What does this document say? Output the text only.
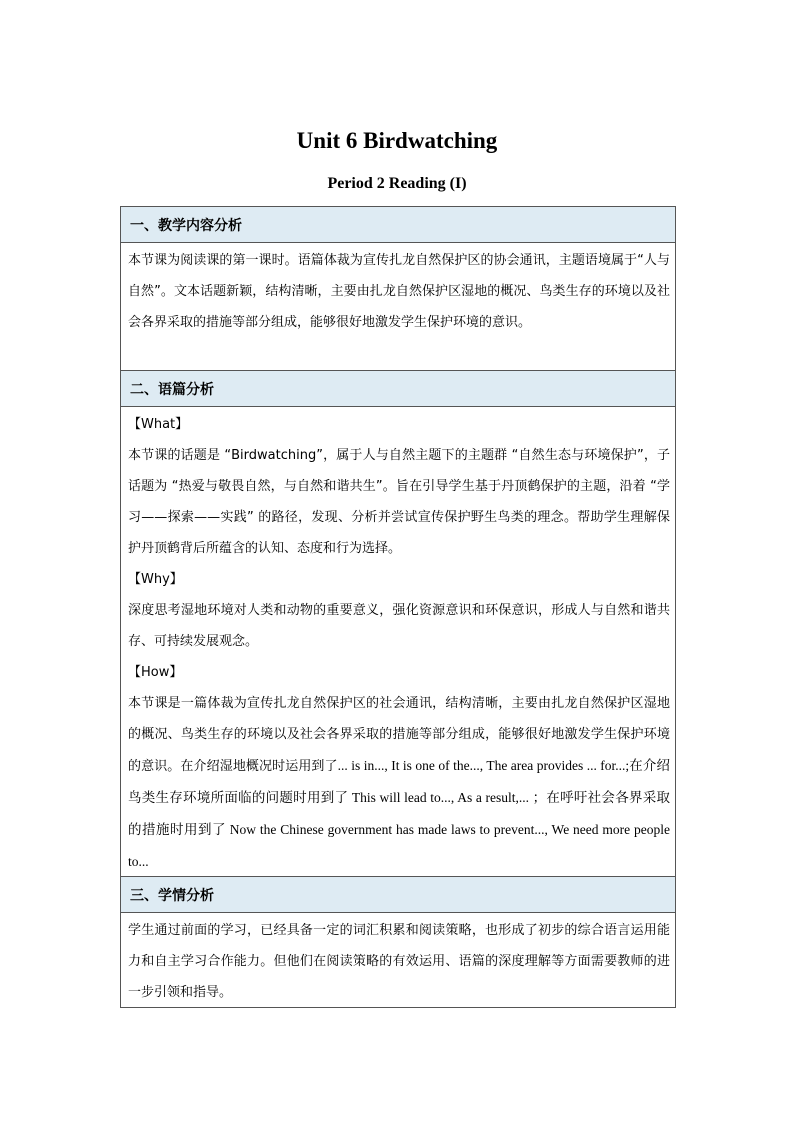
Unit 6 Birdwatching
Period 2 Reading (I)
一、教学内容分析

本节课为阅读课的第一课时。语篇体裁为宣传扎龙自然保护区的协会通讯，主题语境属于“人与自然”。文本话题新颖，结构清晰，主要由扎龙自然保护区湿地的概况、鸟类生存的环境以及社会各界采取的措施等部分组成，能够很好地激发学生保护环境的意识。

二、语篇分析

【What】

本节课的话题是 “Birdwatching”，属于人与自然主题下的主题群 “自然生态与环境保护”，子话题为 “热爱与敬畏自然，与自然和谐共生”。旨在引导学生基于丹顶鹤保护的主题，沿着 “学习——探索——实践” 的路径，发现、分析并尝试宣传保护野生鸟类的理念。帮助学生理解保护丹顶鹤背后所蕴含的认知、态度和行为选择。

【Why】

深度思考湿地环境对人类和动物的重要意义，强化资源意识和环保意识，形成人与自然和谐共存、可持续发展观念。

【How】

本节课是一篇体裁为宣传扎龙自然保护区的社会通讯，结构清晰，主要由扎龙自然保护区湿地的概况、鸟类生存的环境以及社会各界采取的措施等部分组成，能够很好地激发学生保护环境的意识。在介绍湿地概况时运用到了... is in..., It is one of the..., The area provides ... for...;在介绍鸟类生存环境所面临的问题时用到了 This will lead to..., As a result,... ；在呼吁社会各界采取的措施时用到了 Now the Chinese government has made laws to prevent..., We need more people to...

三、学情分析

学生通过前面的学习，已经具备一定的词汇积累和阅读策略，也形成了初步的综合语言运用能力和自主学习合作能力。但他们在阅读策略的有效运用、语篇的深度理解等方面需要教师的进一步引领和指导。
